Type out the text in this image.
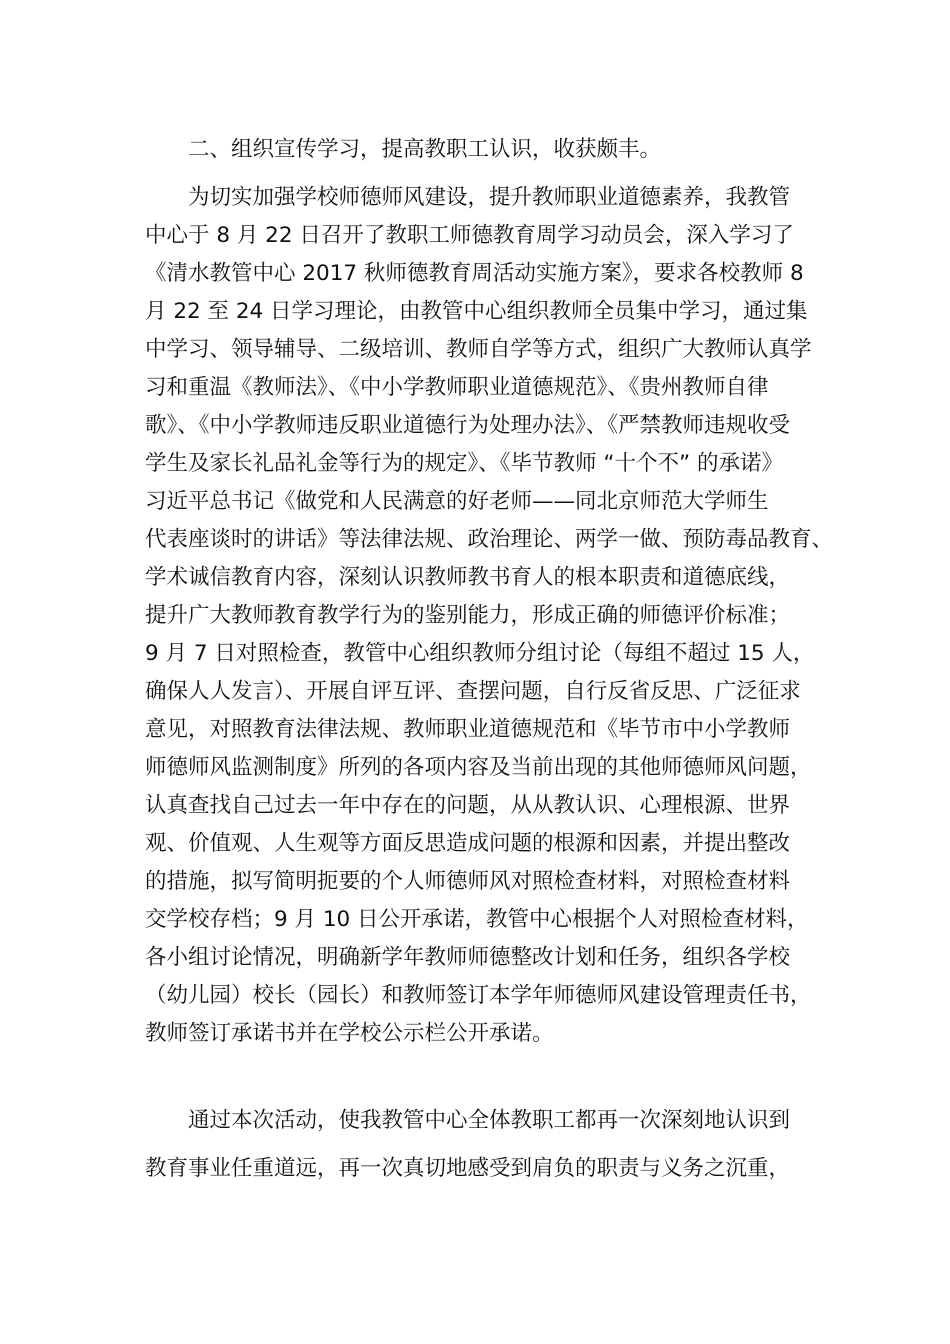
二、组织宣传学习，提高教职工认识，收获颇丰。
为切实加强学校师德师风建设，提升教师职业道德素养，我教管
中心于 8 月 22 日召开了教职工师德教育周学习动员会，深入学习了
《清水教管中心 2017 秋师德教育周活动实施方案》，要求各校教师 8
月 22 至 24 日学习理论，由教管中心组织教师全员集中学习，通过集
中学习、领导辅导、二级培训、教师自学等方式，组织广大教师认真学
习和重温《教师法》、《中小学教师职业道德规范》、《贵州教师自律
歌》、《中小学教师违反职业道德行为处理办法》、《严禁教师违规收受
学生及家长礼品礼金等行为的规定》、《毕节教师 “十个不” 的承诺》
习近平总书记《做党和人民满意的好老师——同北京师范大学师生
代表座谈时的讲话》等法律法规、政治理论、两学一做、预防毒品教育、
学术诚信教育内容，深刻认识教师教书育人的根本职责和道德底线，
提升广大教师教育教学行为的鉴别能力，形成正确的师德评价标准；
9 月 7 日对照检查，教管中心组织教师分组讨论（每组不超过 15 人，
确保人人发言）、开展自评互评、查摆问题，自行反省反思、广泛征求
意见，对照教育法律法规、教师职业道德规范和《毕节市中小学教师
师德师风监测制度》所列的各项内容及当前出现的其他师德师风问题，
认真查找自己过去一年中存在的问题，从从教认识、心理根源、世界
观、价值观、人生观等方面反思造成问题的根源和因素，并提出整改
的措施，拟写简明扼要的个人师德师风对照检查材料，对照检查材料
交学校存档；9 月 10 日公开承诺，教管中心根据个人对照检查材料，
各小组讨论情况，明确新学年教师师德整改计划和任务，组织各学校
（幼儿园）校长（园长）和教师签订本学年师德师风建设管理责任书，
教师签订承诺书并在学校公示栏公开承诺。
通过本次活动，使我教管中心全体教职工都再一次深刻地认识到
教育事业任重道远，再一次真切地感受到肩负的职责与义务之沉重，
